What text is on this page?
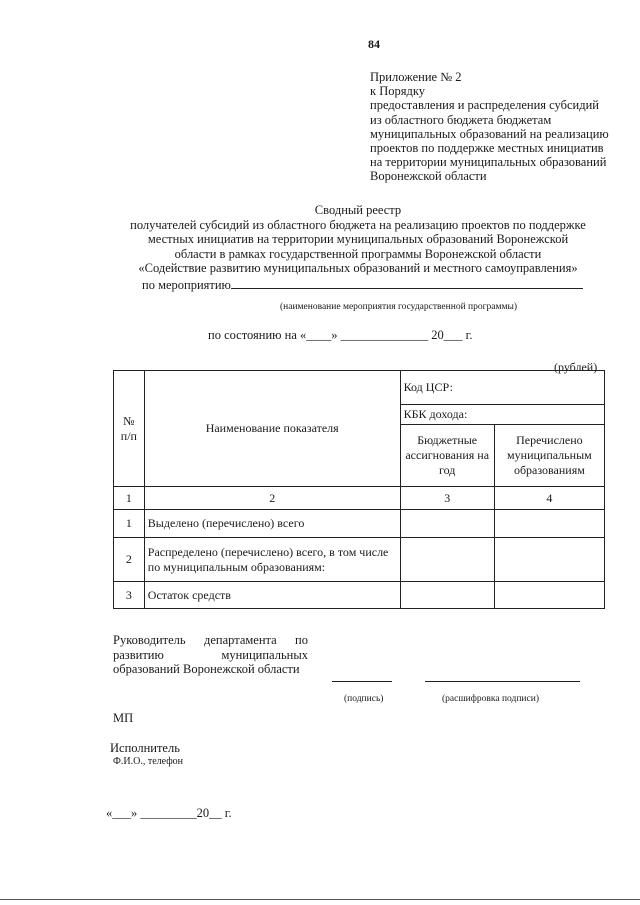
84
Приложение № 2
к Порядку
предоставления и распределения субсидий
из областного бюджета бюджетам
муниципальных образований на реализацию
проектов по поддержке местных инициатив
на территории муниципальных образований
Воронежской области
Сводный реестр
получателей субсидий из областного бюджета на реализацию проектов по поддержке
местных инициатив на территории муниципальных образований Воронежской
области в рамках государственной программы Воронежской области
«Содействие развитию муниципальных образований и местного самоуправления»
по мероприятию
(наименование мероприятия государственной программы)
по состоянию на «____» ______________ 20___ г.
(рублей)
№ п/п	Наименование показателя	Код ЦСР:	
		КБК дохода:	
		Бюджетные ассигнования на год	Перечислено муниципальным образованиям
1	2	3	4
1	Выделено (перечислено) всего		
2	Распределено (перечислено) всего, в том числе по муниципальным образованиям:		
3	Остаток средств		
Руководитель департамента по развитию муниципальных образований Воронежской области
(подпись)	(расшифровка подписи)
МП
Исполнитель
Ф.И.О., телефон
«___» _________20__ г.
